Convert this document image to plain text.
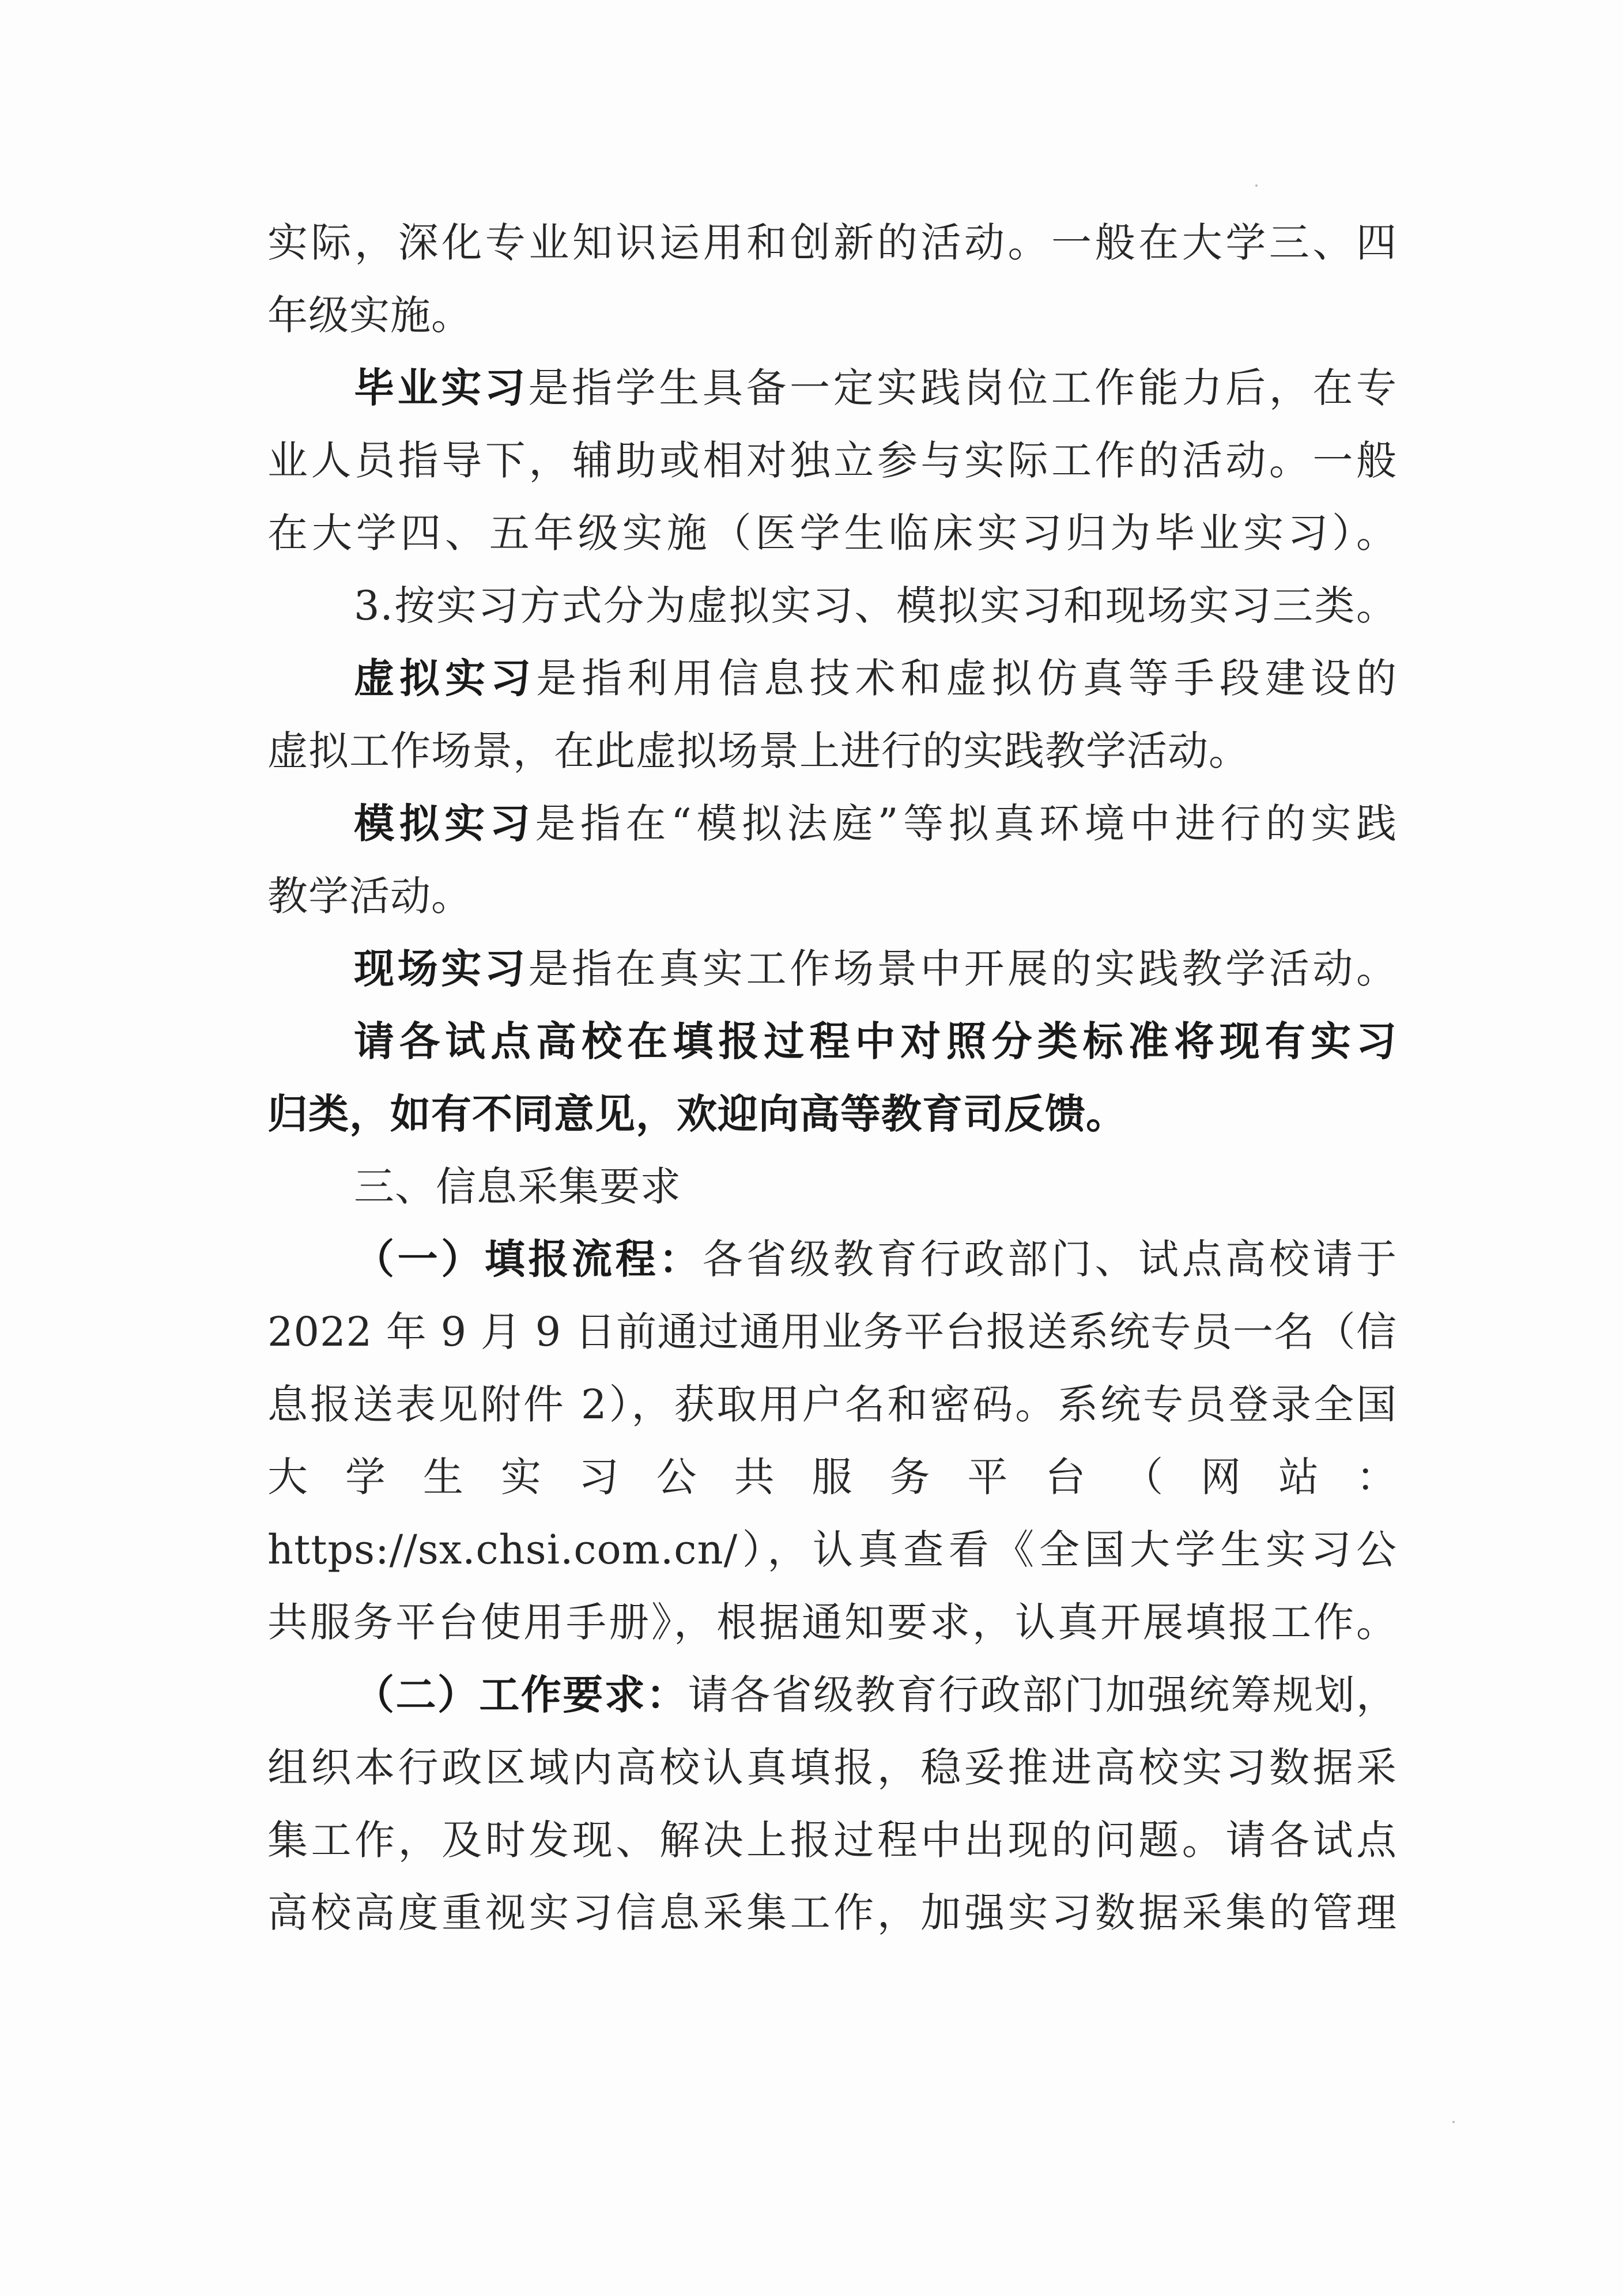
实际，深化专业知识运用和创新的活动。一般在大学三、四
年级实施。
毕业实习是指学生具备一定实践岗位工作能力后，在专
业人员指导下，辅助或相对独立参与实际工作的活动。一般
在大学四、五年级实施（医学生临床实习归为毕业实习）。
3.按实习方式分为虚拟实习、模拟实习和现场实习三类。
虚拟实习是指利用信息技术和虚拟仿真等手段建设的
虚拟工作场景，在此虚拟场景上进行的实践教学活动。
模拟实习是指在“模拟法庭”等拟真环境中进行的实践
教学活动。
现场实习是指在真实工作场景中开展的实践教学活动。
请各试点高校在填报过程中对照分类标准将现有实习
归类，如有不同意见，欢迎向高等教育司反馈。
三、信息采集要求
（一）填报流程：各省级教育行政部门、试点高校请于
2022 年 9 月 9 日前通过通用业务平台报送系统专员一名（信
息报送表见附件 2），获取用户名和密码。系统专员登录全国
大 学 生 实 习 公 共 服 务 平 台 （ 网 站 ：
https://sx.chsi.com.cn/），认真查看《全国大学生实习公
共服务平台使用手册》，根据通知要求，认真开展填报工作。
（二）工作要求：请各省级教育行政部门加强统筹规划，
组织本行政区域内高校认真填报，稳妥推进高校实习数据采
集工作，及时发现、解决上报过程中出现的问题。请各试点
高校高度重视实习信息采集工作，加强实习数据采集的管理
